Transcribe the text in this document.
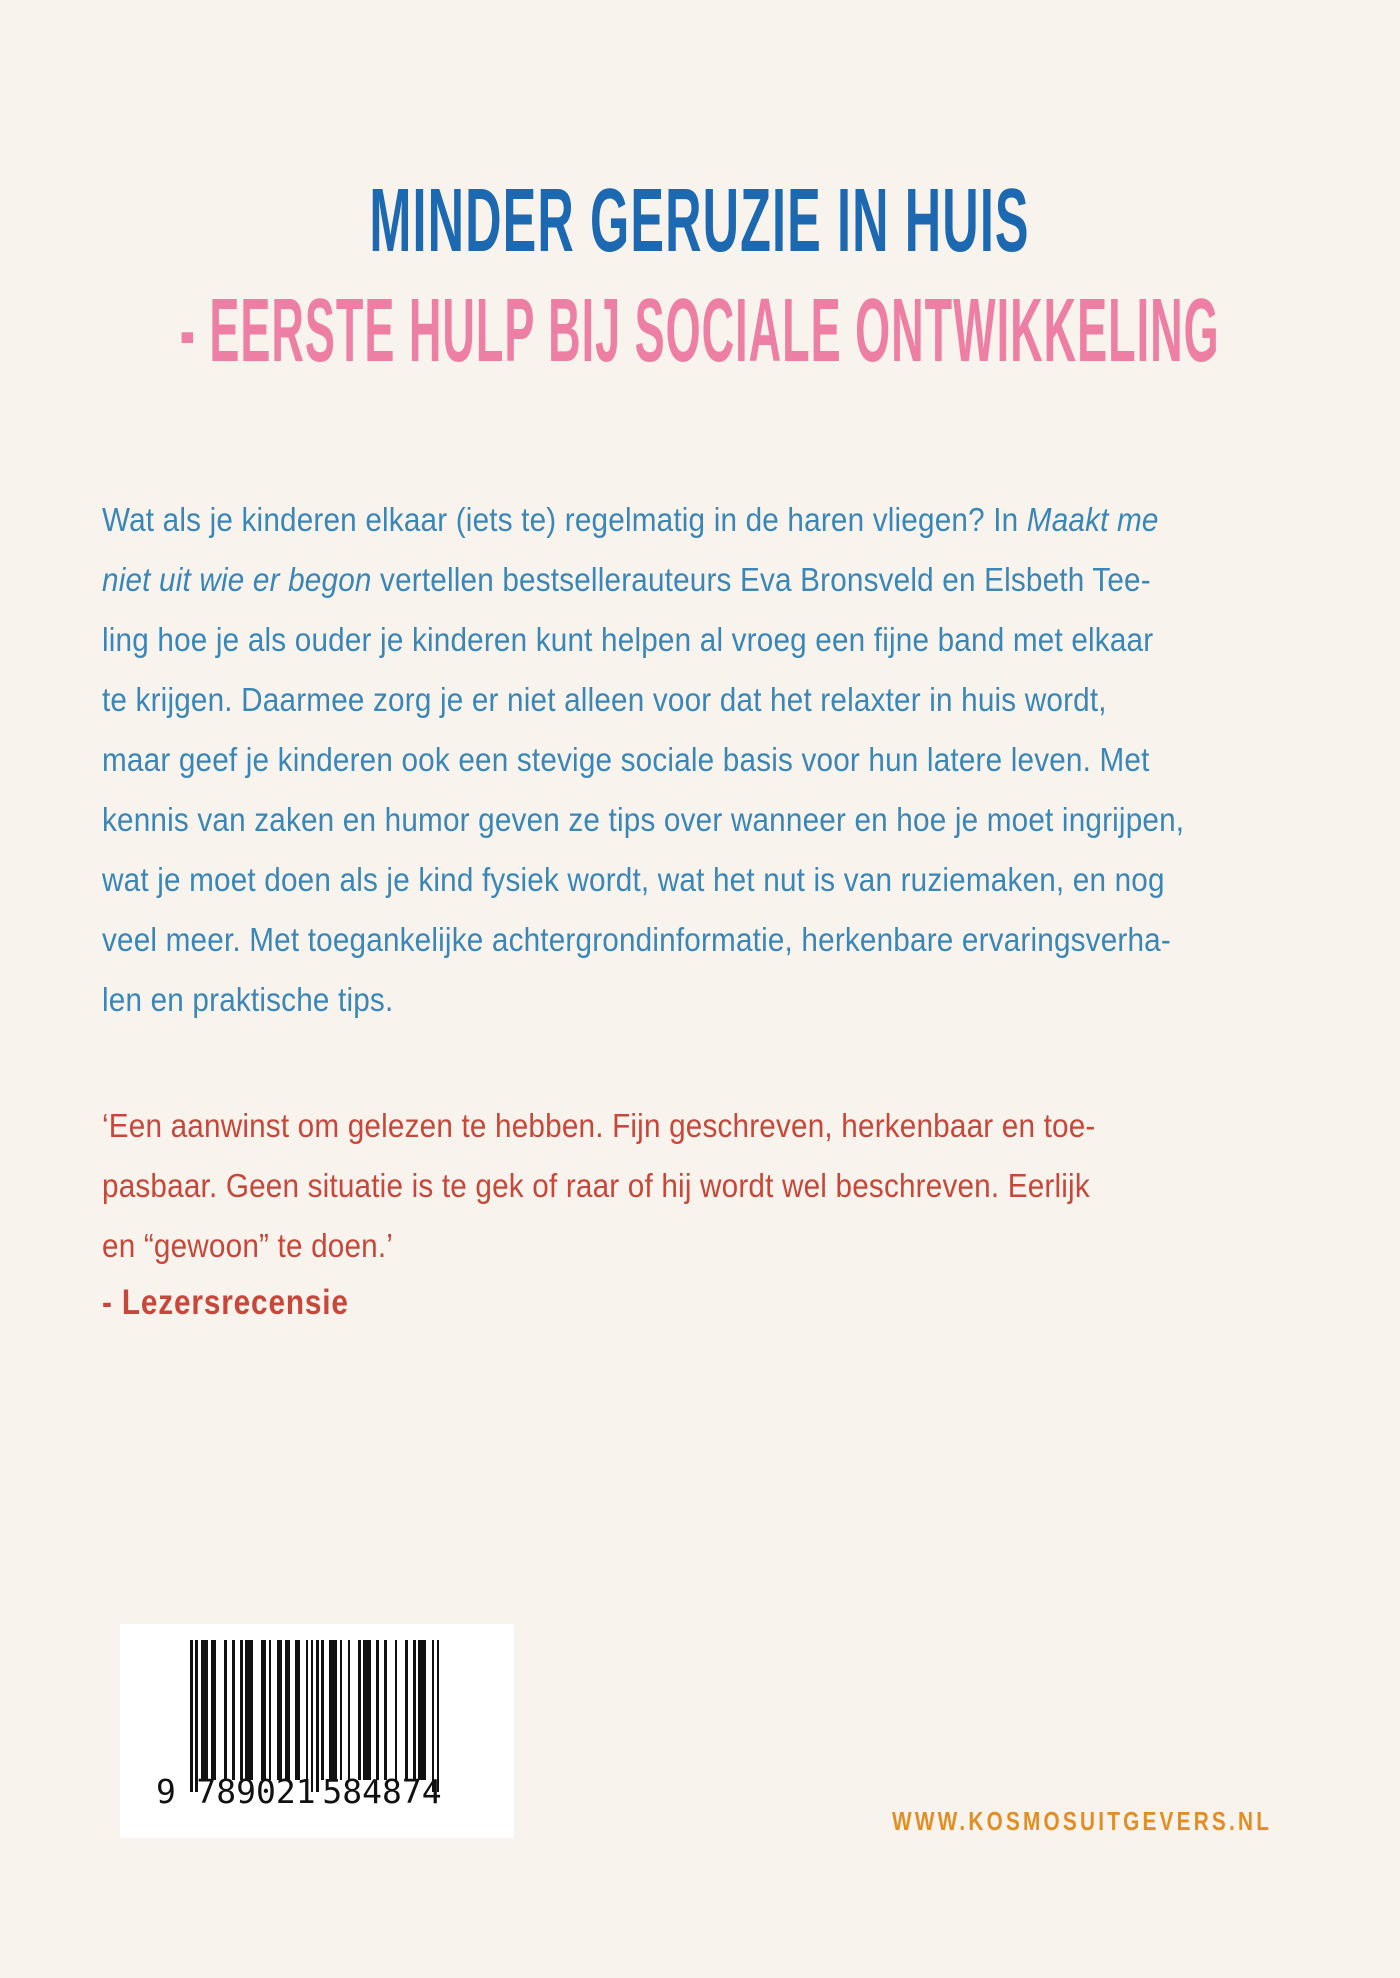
MINDER GERUZIE IN HUIS
- EERSTE HULP BIJ SOCIALE ONTWIKKELING
Wat als je kinderen elkaar (iets te) regelmatig in de haren vliegen? In Maakt me
niet uit wie er begon vertellen bestsellerauteurs Eva Bronsveld en Elsbeth Tee-
ling hoe je als ouder je kinderen kunt helpen al vroeg een fijne band met elkaar
te krijgen. Daarmee zorg je er niet alleen voor dat het relaxter in huis wordt,
maar geef je kinderen ook een stevige sociale basis voor hun latere leven. Met
kennis van zaken en humor geven ze tips over wanneer en hoe je moet ingrijpen,
wat je moet doen als je kind fysiek wordt, wat het nut is van ruziemaken, en nog
veel meer. Met toegankelijke achtergrondinformatie, herkenbare ervaringsverha-
len en praktische tips.
‘Een aanwinst om gelezen te hebben. Fijn geschreven, herkenbaar en toe-
pasbaar. Geen situatie is te gek of raar of hij wordt wel beschreven. Eerlijk
en “gewoon” te doen.’
- Lezersrecensie
9 789021 584874
WWW.KOSMOSUITGEVERS.NL
